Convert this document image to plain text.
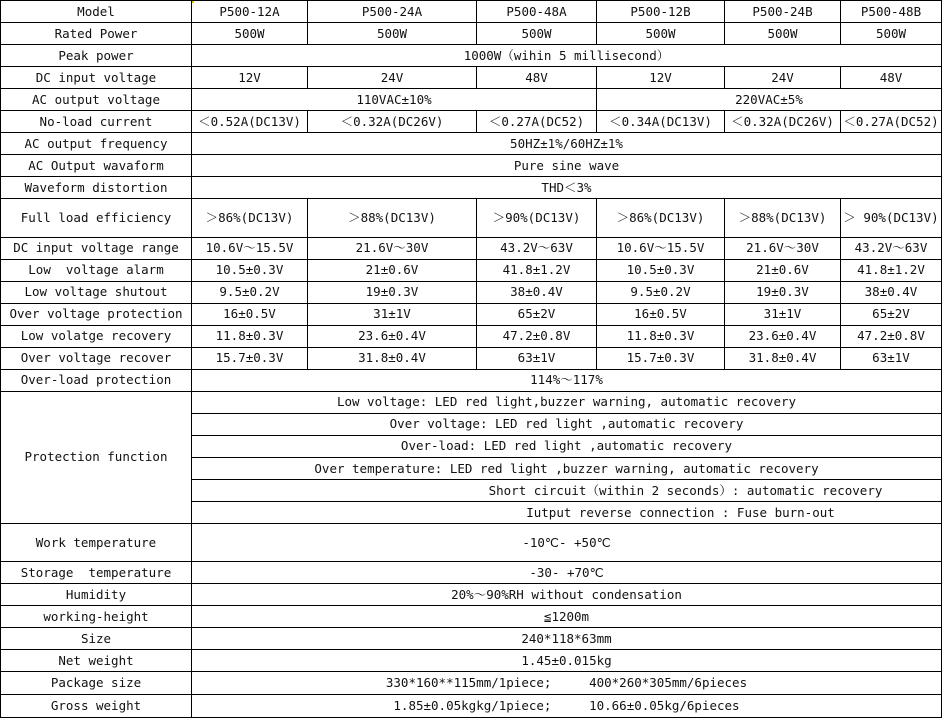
Model	P500-12A	P500-24A	P500-48A	P500-12B	P500-24B	P500-48B
Rated Power	500W	500W	500W	500W	500W	500W
Peak power	1000W（wihin 5 millisecond）					
DC input voltage	12V	24V	48V	12V	24V	48V
AC output voltage	110VAC±10%			220VAC±5%		
No-load current	＜0.52A(DC13V)	＜0.32A(DC26V)	＜0.27A(DC52)	＜0.34A(DC13V)	＜0.32A(DC26V)	＜0.27A(DC52)
AC output frequency	50HZ±1%/60HZ±1%					
AC Output wavaform	Pure sine wave					
Waveform distortion	THD＜3%					
Full load efficiency	＞86%(DC13V)	＞88%(DC13V)	＞90%(DC13V)	＞86%(DC13V)	＞88%(DC13V)	＞ 90%(DC13V)
DC input voltage range	10.6V～15.5V	21.6V～30V	43.2V～63V	10.6V～15.5V	21.6V～30V	43.2V～63V
Low  voltage alarm	10.5±0.3V	21±0.6V	41.8±1.2V	10.5±0.3V	21±0.6V	41.8±1.2V
Low voltage shutout	9.5±0.2V	19±0.3V	38±0.4V	9.5±0.2V	19±0.3V	38±0.4V
Over voltage protection	16±0.5V	31±1V	65±2V	16±0.5V	31±1V	65±2V
Low volatge recovery	11.8±0.3V	23.6±0.4V	47.2±0.8V	11.8±0.3V	23.6±0.4V	47.2±0.8V
Over voltage recover	15.7±0.3V	31.8±0.4V	63±1V	15.7±0.3V	31.8±0.4V	63±1V
Over-load protection	114%～117%					
Protection function	Low voltage: LED red light,buzzer warning, automatic recovery					
	Over voltage: LED red light ,automatic recovery					
	Over-load: LED red light ,automatic recovery					
	Over temperature: LED red light ,buzzer warning, automatic recovery					
	Short circuit（within 2 seconds）: automatic recovery					
	Iutput reverse connection : Fuse burn-out					
Work temperature	-10℃- +50℃					
Storage  temperature	-30- +70℃					
Humidity	20%～90%RH without condensation					
working-height	≦1200m					
Size	240*118*63mm					
Net weight	1.45±0.015kg					
Package size	330*160**115mm/1piece;     400*260*305mm/6pieces					
Gross weight	1.85±0.05kgkg/1piece;     10.66±0.05kg/6pieces					
